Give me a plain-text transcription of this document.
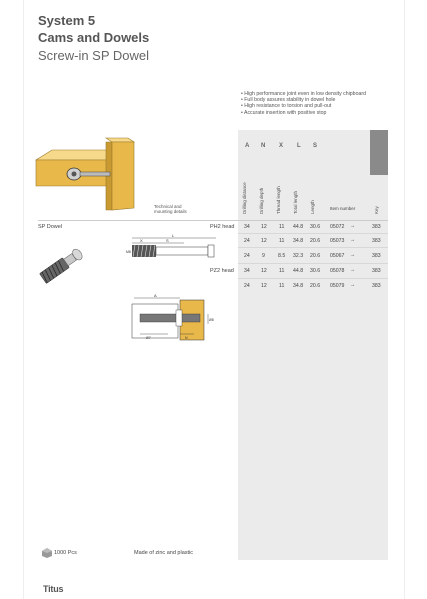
System 5
Cams and Dowels
Screw-in SP Dowel
• High performance joint even in low density chipboard
• Full body assures stability in dowel hole
• High resistance to torsion and pull-out
• Accurate insertion with positive stop
Technical and mounting details
A N X L S
Drilling distance	Drilling depth	Thread length	Total length	Length	Item number	Key
SP Dowel	PH2 head
PZ2 head
34 12 11 44.8 30.6 05072 →	383
24 12 11 34.8 20.6 05073 →	383
24 9	8.5 32.3 20.6 05067 →	383
34 12 11 44.8 30.6 05078 →	383
24 12 11 34.8 20.6 05079 →	383
L
X	S
M8
A
Ø8
Ø7	N
1000 Pcs	Made of zinc and plastic
Titus
